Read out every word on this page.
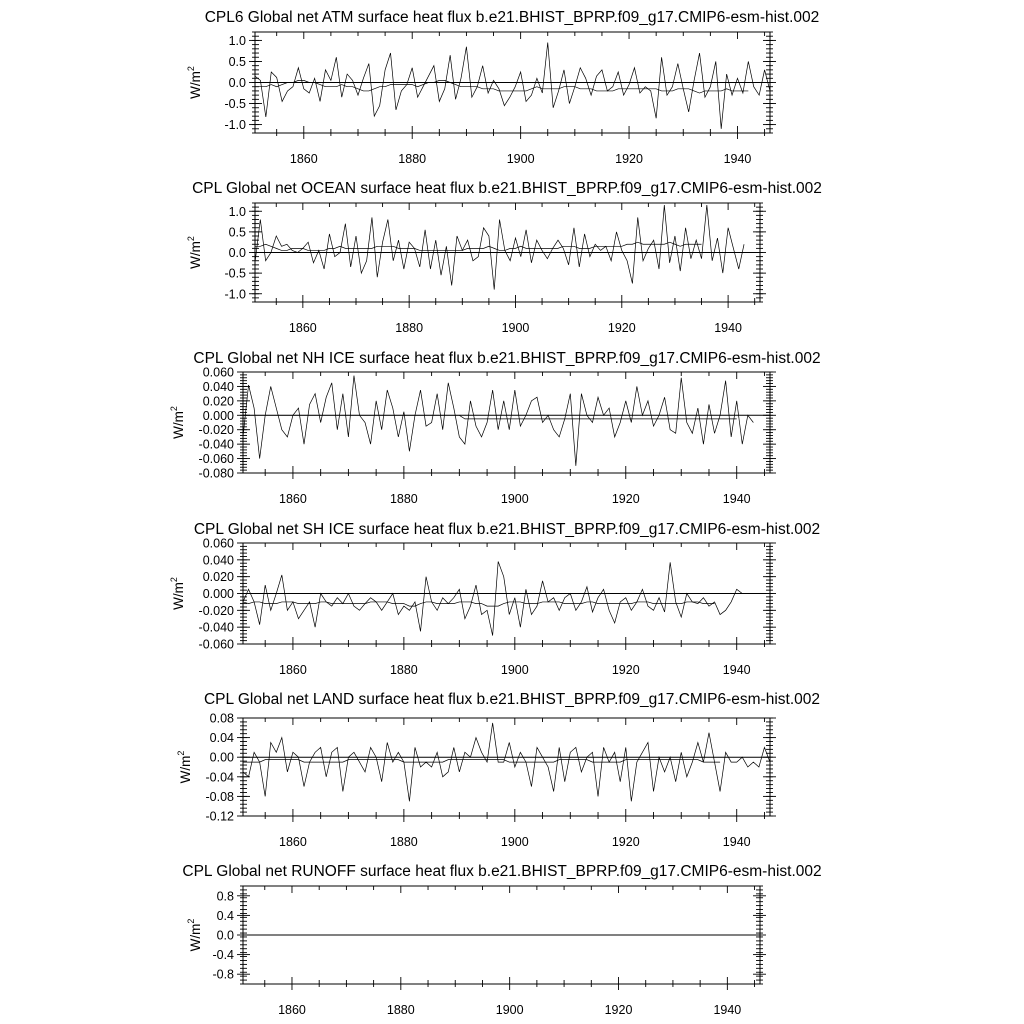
CPL6 Global net ATM surface heat flux b.e21.BHIST_BPRP.f09_g17.CMIP6-esm-hist.002
1860	1880	1900	1920	1940
-1.0
-0.5
0.0
0.5
1.0
$W/m^2$
CPL Global net OCEAN surface heat flux b.e21.BHIST_BPRP.f09_g17.CMIP6-esm-hist.002
1860	1880	1900	1920	1940
-1.0
-0.5
0.0
0.5
1.0
$W/m^2$
CPL Global net NH ICE surface heat flux b.e21.BHIST_BPRP.f09_g17.CMIP6-esm-hist.002
1860	1880	1900	1920	1940
-0.080
-0.060
-0.040
-0.020
0.000
0.020
0.040
0.060
$W/m^2$
CPL Global net SH ICE surface heat flux b.e21.BHIST_BPRP.f09_g17.CMIP6-esm-hist.002
1860	1880	1900	1920	1940
-0.060
-0.040
-0.020
0.000
0.020
0.040
0.060
$W/m^2$
CPL Global net LAND surface heat flux b.e21.BHIST_BPRP.f09_g17.CMIP6-esm-hist.002
1860	1880	1900	1920	1940
-0.12
-0.08
-0.04
0.00
0.04
0.08
$W/m^2$
CPL Global net RUNOFF surface heat flux b.e21.BHIST_BPRP.f09_g17.CMIP6-esm-hist.002
1860	1880	1900	1920	1940
-0.8
-0.4
0.0
0.4
0.8
$W/m^2$
